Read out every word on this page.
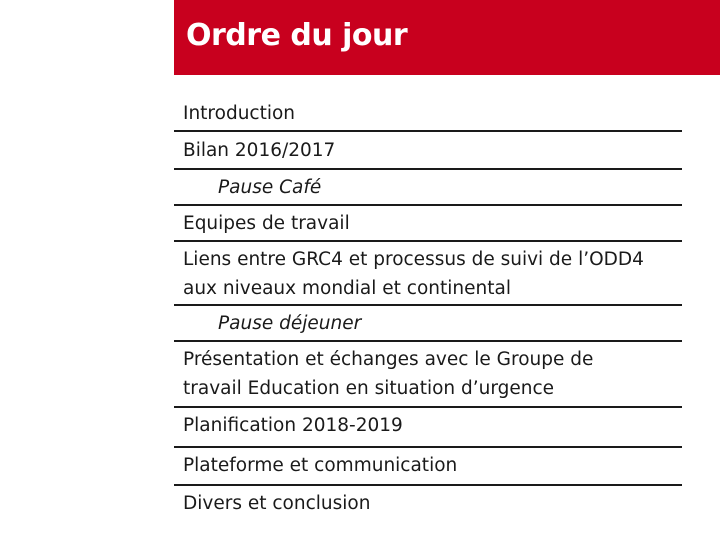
Ordre du jour
Introduction
Bilan 2016/2017
Pause Café
Equipes de travail
Liens entre GRC4 et processus de suivi de l’ODD4
aux niveaux mondial et continental
Pause déjeuner
Présentation et échanges avec le Groupe de
travail Education en situation d’urgence
Planification 2018-2019
Plateforme et communication
Divers et conclusion
